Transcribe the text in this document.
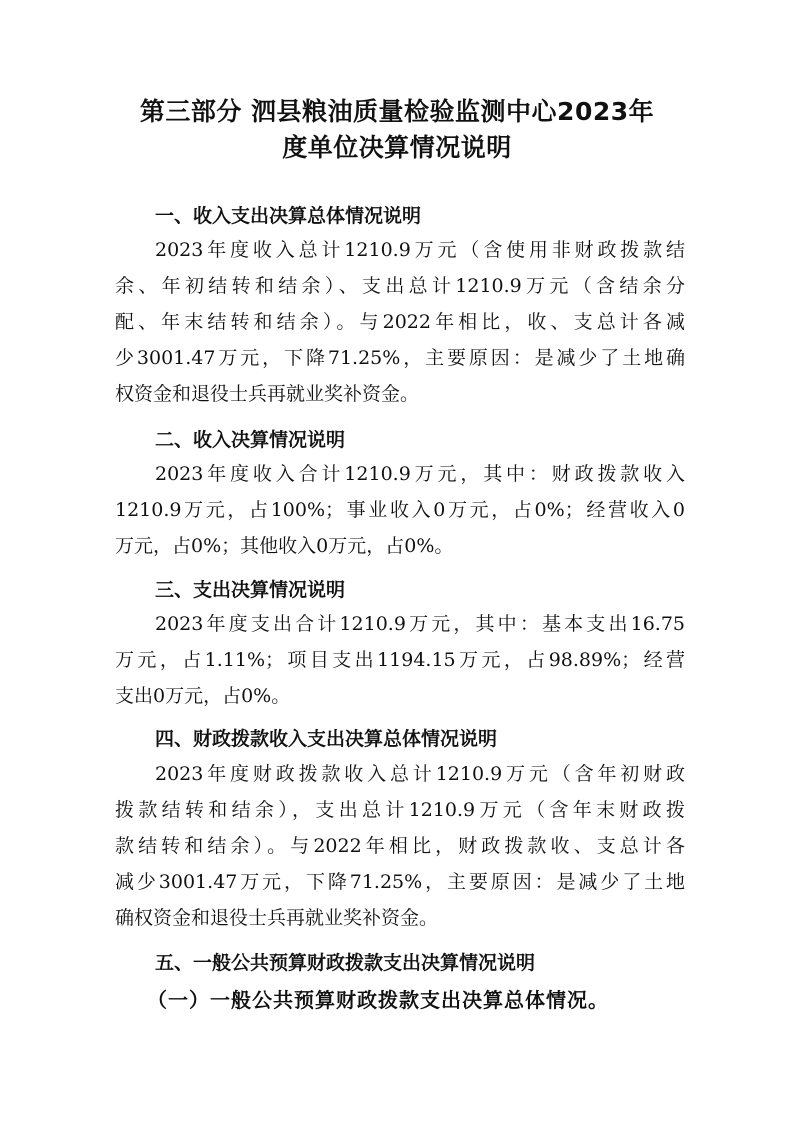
第三部分 泗县粮油质量检验监测中心2023年
度单位决算情况说明
一、收入支出决算总体情况说明

2023年度收入总计1210.9万元（含使用非财政拨款结
余、年初结转和结余）、支出总计1210.9万元（含结余分
配、年末结转和结余）。与2022年相比，收、支总计各减
少3001.47万元，下降71.25%，主要原因：是减少了土地确
权资金和退役士兵再就业奖补资金。

二、收入决算情况说明

2023年度收入合计1210.9万元，其中：财政拨款收入
1210.9万元，占100%；事业收入0万元，占0%；经营收入0
万元，占0%；其他收入0万元，占0%。

三、支出决算情况说明

2023年度支出合计1210.9万元，其中：基本支出16.75
万元，占1.11%；项目支出1194.15万元，占98.89%；经营
支出0万元，占0%。

四、财政拨款收入支出决算总体情况说明

2023年度财政拨款收入总计1210.9万元（含年初财政
拨款结转和结余），支出总计1210.9万元（含年末财政拨
款结转和结余）。与2022年相比，财政拨款收、支总计各
减少3001.47万元，下降71.25%，主要原因：是减少了土地
确权资金和退役士兵再就业奖补资金。

五、一般公共预算财政拨款支出决算情况说明
（一）一般公共预算财政拨款支出决算总体情况。
